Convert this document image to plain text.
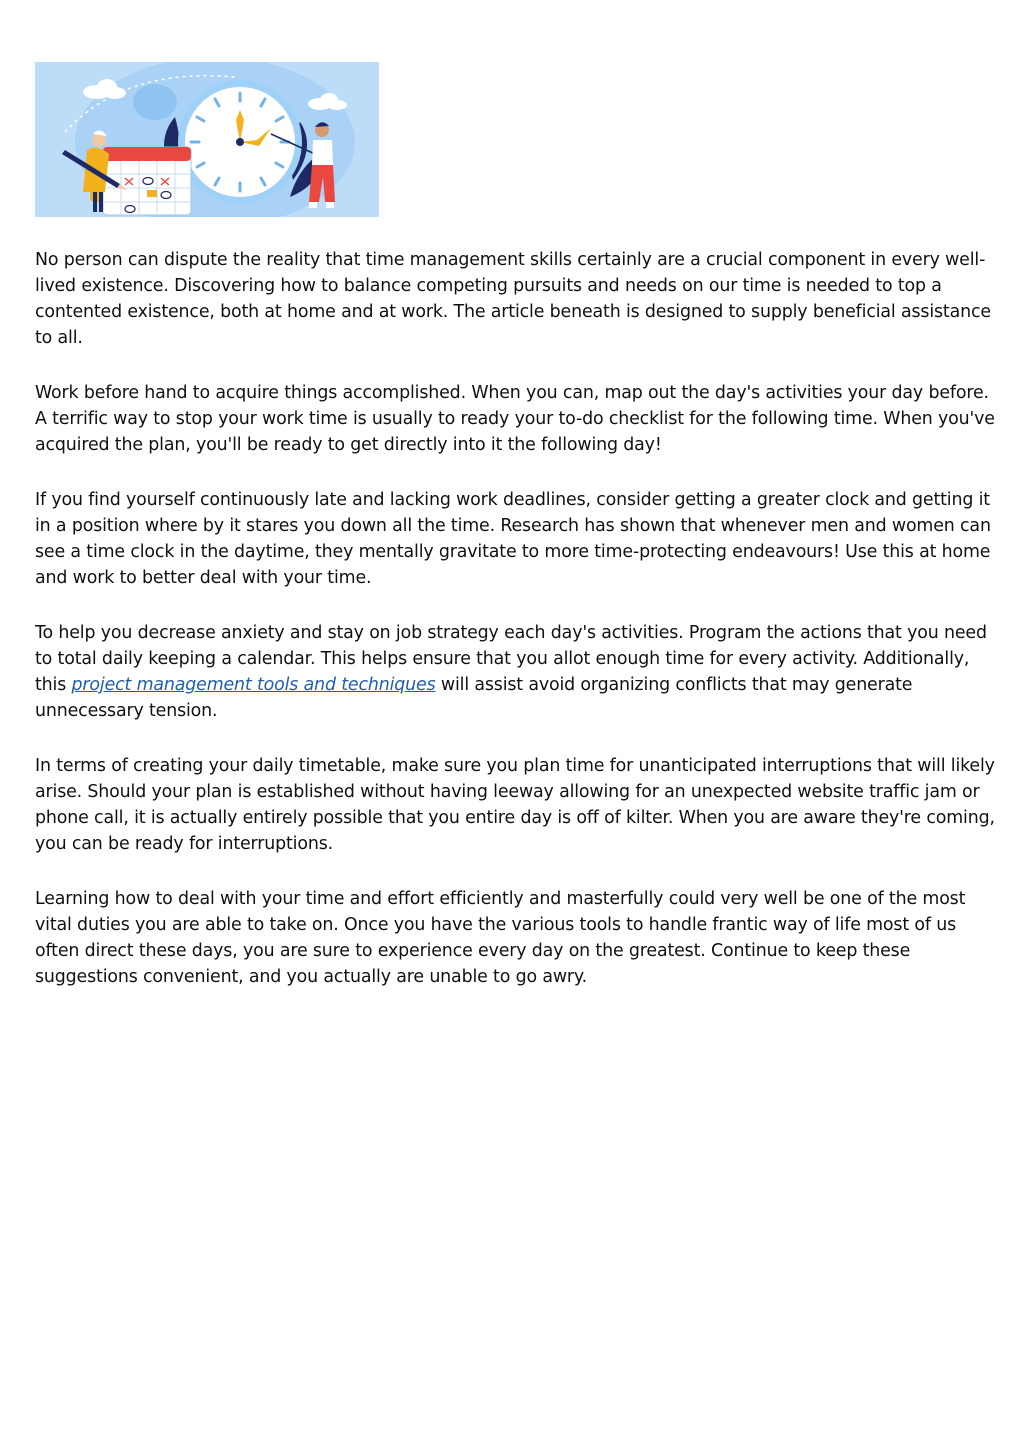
No person can dispute the reality that time management skills certainly are a crucial component in every well-lived existence. Discovering how to balance competing pursuits and needs on our time is needed to top a contented existence, both at home and at work. The article beneath is designed to supply beneficial assistance to all.

Work before hand to acquire things accomplished. When you can, map out the day's activities your day before. A terrific way to stop your work time is usually to ready your to-do checklist for the following time. When you've acquired the plan, you'll be ready to get directly into it the following day!

If you find yourself continuously late and lacking work deadlines, consider getting a greater clock and getting it in a position where by it stares you down all the time. Research has shown that whenever men and women can see a time clock in the daytime, they mentally gravitate to more time-protecting endeavours! Use this at home and work to better deal with your time.

To help you decrease anxiety and stay on job strategy each day's activities. Program the actions that you need to total daily keeping a calendar. This helps ensure that you allot enough time for every activity. Additionally, this project management tools and techniques will assist avoid organizing conflicts that may generate unnecessary tension.

In terms of creating your daily timetable, make sure you plan time for unanticipated interruptions that will likely arise. Should your plan is established without having leeway allowing for an unexpected website traffic jam or phone call, it is actually entirely possible that you entire day is off of kilter. When you are aware they're coming, you can be ready for interruptions.

Learning how to deal with your time and effort efficiently and masterfully could very well be one of the most vital duties you are able to take on. Once you have the various tools to handle frantic way of life most of us often direct these days, you are sure to experience every day on the greatest. Continue to keep these suggestions convenient, and you actually are unable to go awry.
